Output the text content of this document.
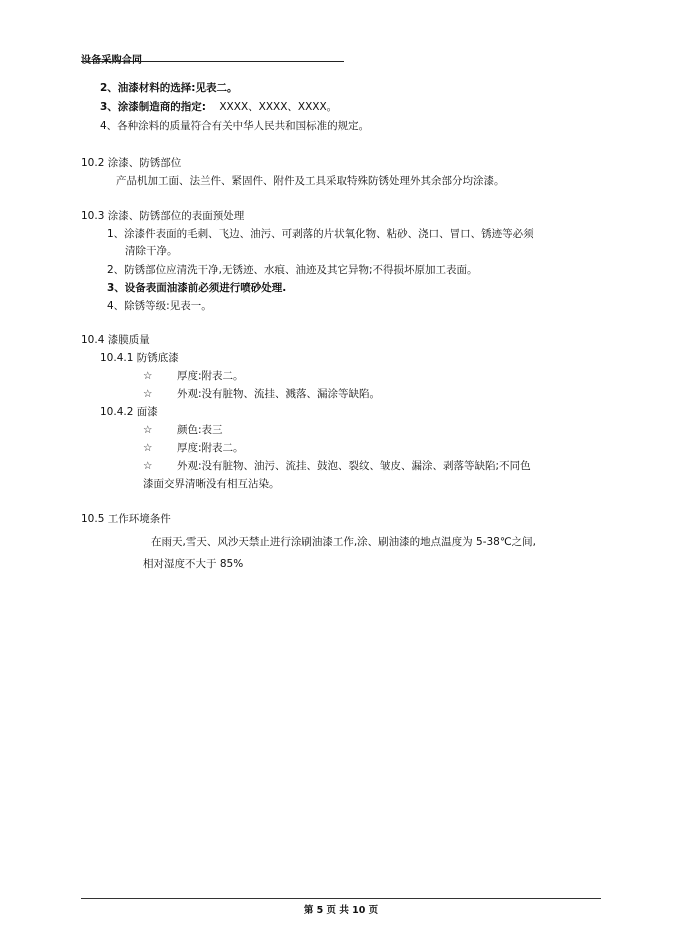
设备采购合同
2、油漆材料的选择:见表二。
3、涂漆制造商的指定: XXXX、XXXX、XXXX。
4、各种涂料的质量符合有关中华人民共和国标准的规定。
10.2 涂漆、防锈部位
产品机加工面、法兰件、紧固件、附件及工具采取特殊防锈处理外其余部分均涂漆。
10.3 涂漆、防锈部位的表面预处理
1、涂漆件表面的毛刺、飞边、油污、可剥落的片状氧化物、粘砂、浇口、冒口、锈迹等必须
清除干净。
2、防锈部位应清洗干净,无锈迹、水痕、油迹及其它异物;不得损坏原加工表面。
3、设备表面油漆前必须进行喷砂处理.
4、除锈等级:见表一。
10.4 漆膜质量
10.4.1 防锈底漆
☆ 厚度:附表二。
☆ 外观:没有脏物、流挂、溅落、漏涂等缺陷。
10.4.2 面漆
☆ 颜色:表三
☆ 厚度:附表二。
☆ 外观:没有脏物、油污、流挂、鼓泡、裂纹、皱皮、漏涂、剥落等缺陷;不同色
漆面交界清晰没有相互沾染。
10.5 工作环境条件
在雨天,雪天、风沙天禁止进行涂刷油漆工作,涂、刷油漆的地点温度为 5-38℃之间,
相对湿度不大于 85%
第 5 页 共 10 页
